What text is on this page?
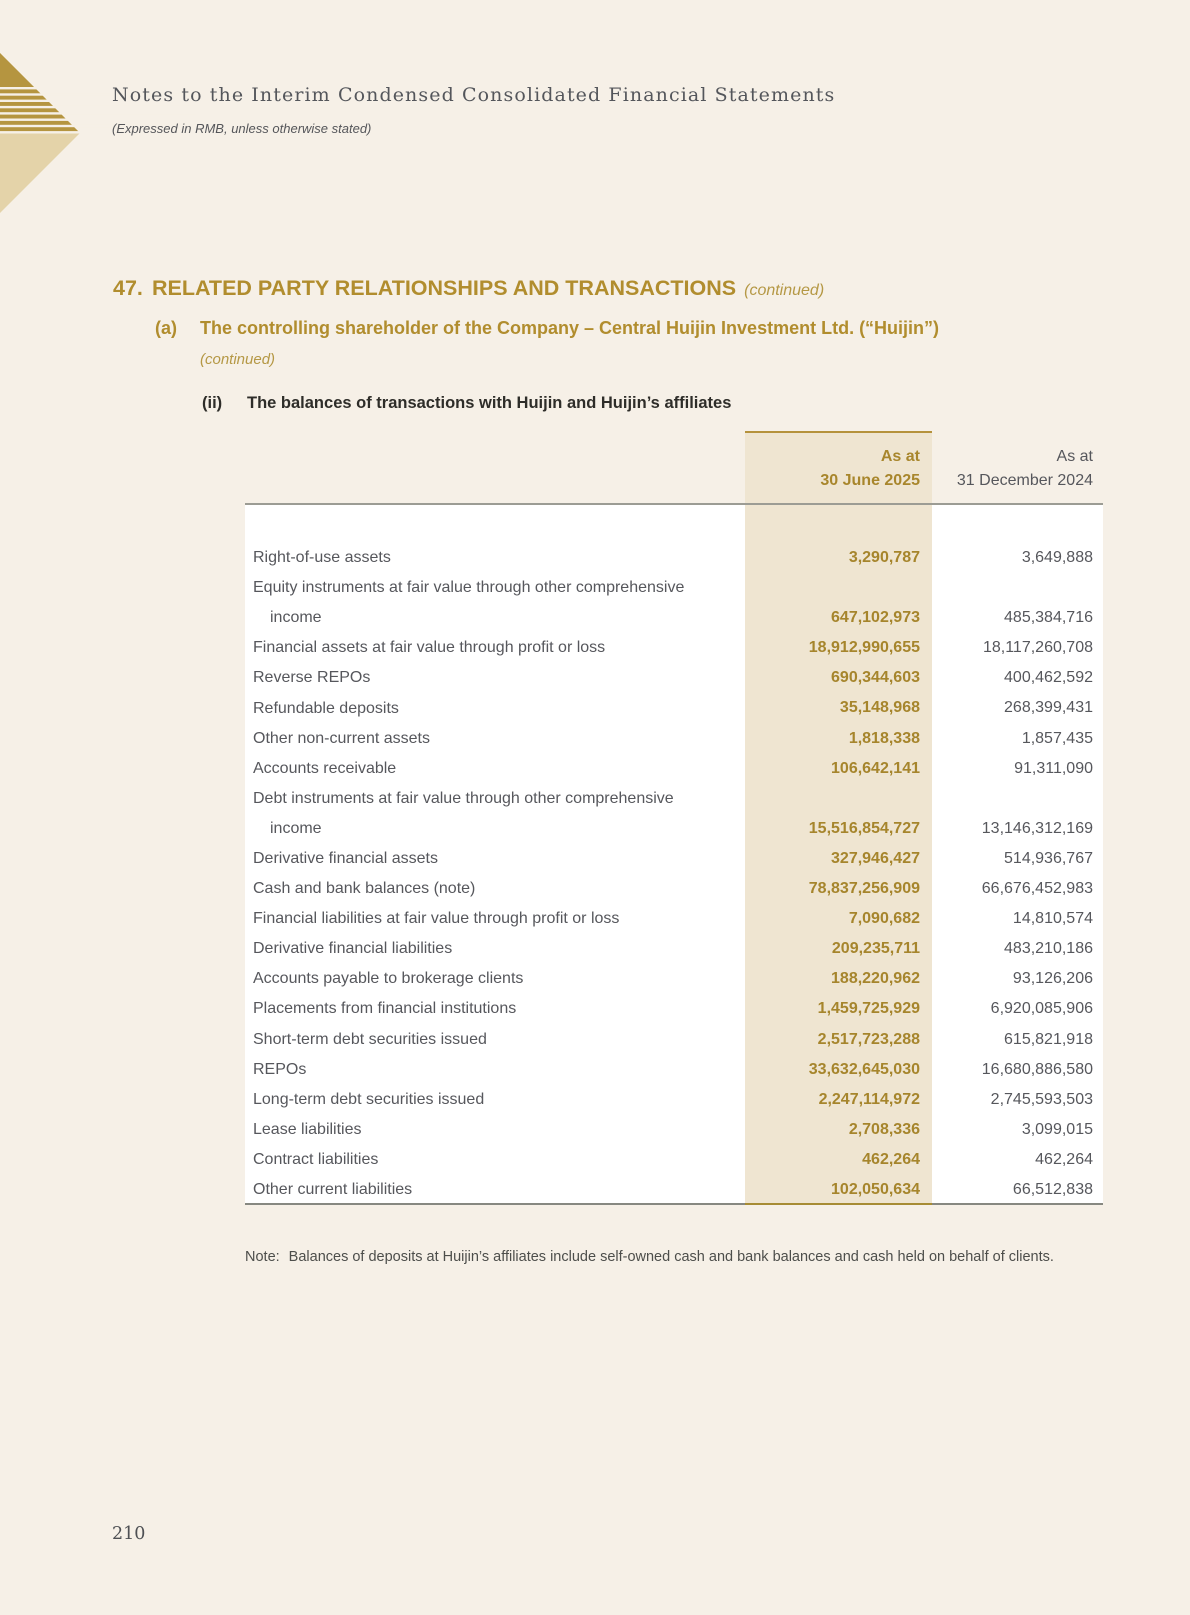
Notes to the Interim Condensed Consolidated Financial Statements
(Expressed in RMB, unless otherwise stated)
47. RELATED PARTY RELATIONSHIPS AND TRANSACTIONS (continued)
(a)	The controlling shareholder of the Company – Central Huijin Investment Ltd. (“Huijin”)
(continued)
(ii)	The balances of transactions with Huijin and Huijin’s affiliates
As at
30 June 2025
As at
31 December 2024
Right-of-use assets	3,290,787	3,649,888
Equity instruments at fair value through other comprehensive
income	647,102,973	485,384,716
Financial assets at fair value through profit or loss	18,912,990,655	18,117,260,708
Reverse REPOs	690,344,603	400,462,592
Refundable deposits	35,148,968	268,399,431
Other non-current assets	1,818,338	1,857,435
Accounts receivable	106,642,141	91,311,090
Debt instruments at fair value through other comprehensive
income	15,516,854,727	13,146,312,169
Derivative financial assets	327,946,427	514,936,767
Cash and bank balances (note)	78,837,256,909	66,676,452,983
Financial liabilities at fair value through profit or loss	7,090,682	14,810,574
Derivative financial liabilities	209,235,711	483,210,186
Accounts payable to brokerage clients	188,220,962	93,126,206
Placements from financial institutions	1,459,725,929	6,920,085,906
Short-term debt securities issued	2,517,723,288	615,821,918
REPOs	33,632,645,030	16,680,886,580
Long-term debt securities issued	2,247,114,972	2,745,593,503
Lease liabilities	2,708,336	3,099,015
Contract liabilities	462,264	462,264
Other current liabilities	102,050,634	66,512,838
Note: Balances of deposits at Huijin’s affiliates include self-owned cash and bank balances and cash held on behalf of clients.
210
